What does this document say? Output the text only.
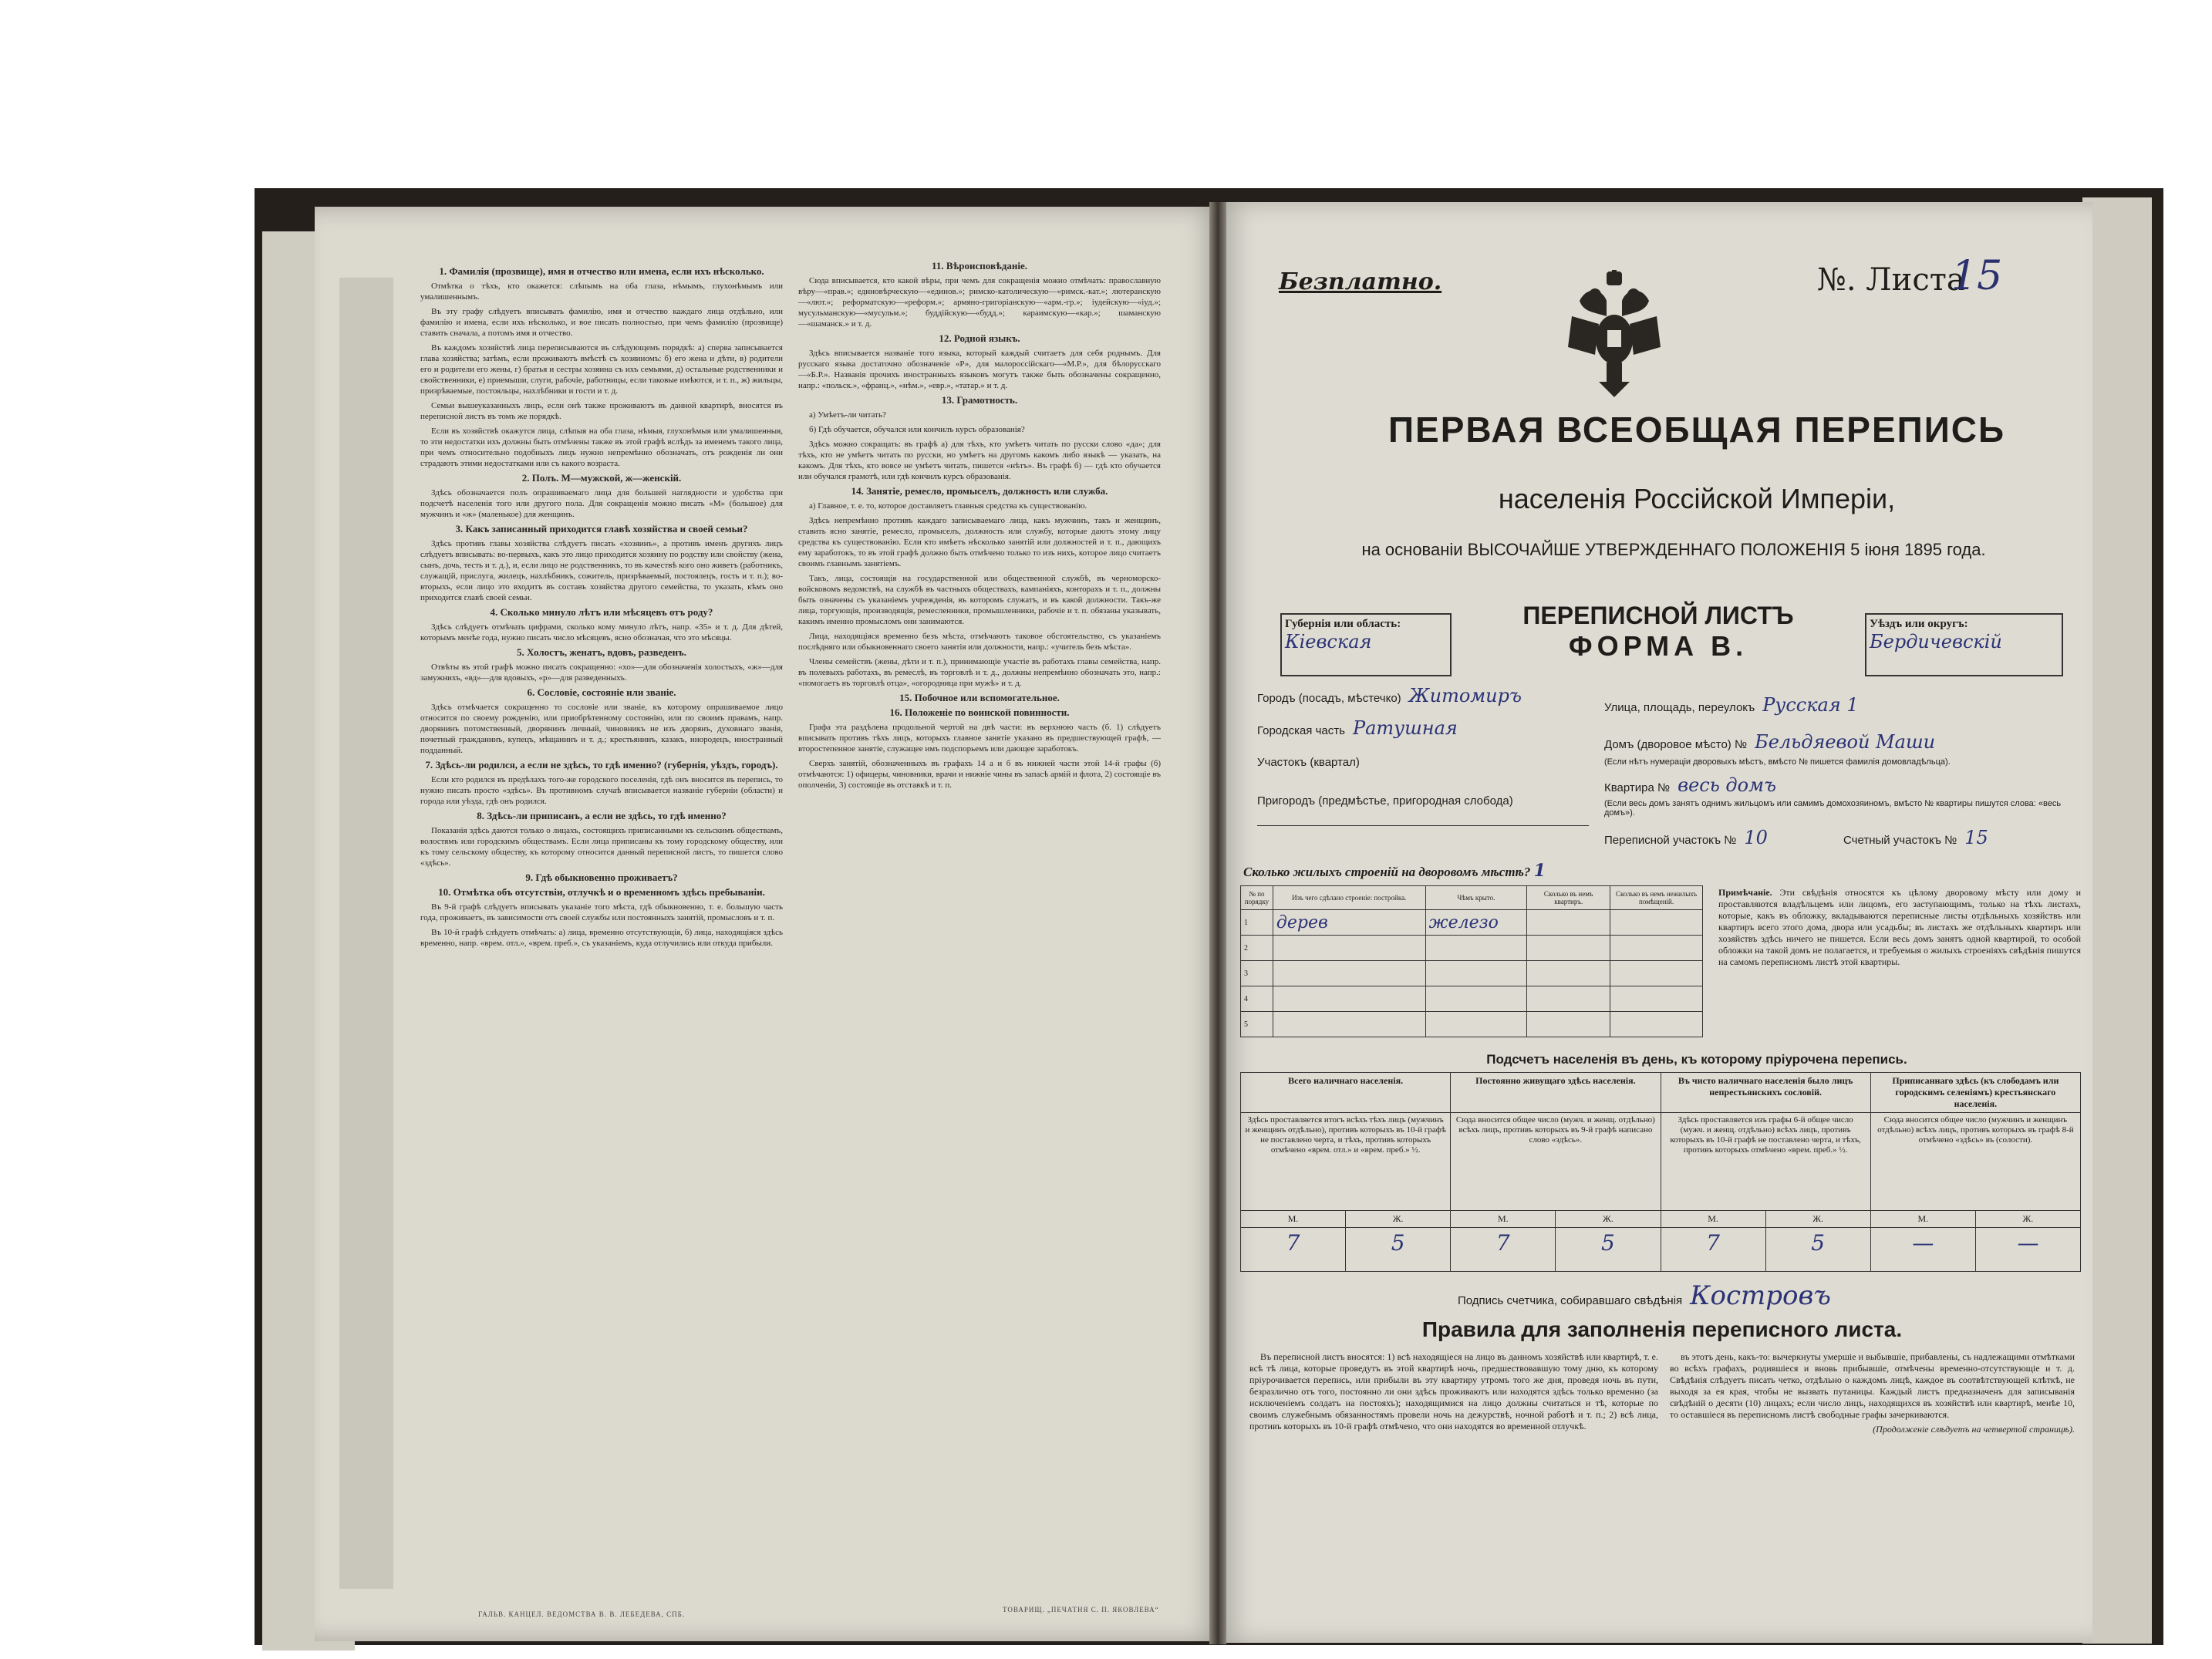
1. Фамилія (прозвище), имя и отчество или имена, если ихъ нѣсколько.

Отмѣтка о тѣхъ, кто окажется: слѣпымъ на оба глаза, нѣмымъ, глухонѣмымъ или умалишеннымъ.

Въ эту графу слѣдуетъ вписывать фамилію, имя и отчество каждаго лица отдѣльно, или фамилію и имена, если ихъ нѣсколько, и вое писать полностью, при чемъ фамилію (прозвище) ставить сначала, а потомъ имя и отчество.

Въ каждомъ хозяйствѣ лица переписываются въ слѣдующемъ порядкѣ: а) сперва записывается глава хозяйства; затѣмъ, если проживаютъ вмѣстѣ съ хозяиномъ: б) его жена и дѣти, в) родители его и родители его жены, г) братья и сестры хозяина съ ихъ семьями, д) остальные родственники и свойственники, е) приемыши, слуги, рабочіе, работницы, если таковые имѣются, и т. п., ж) жильцы, призрѣваемые, постояльцы, нахлѣбники и гости и т. д.

Семьи вышеуказанныхъ лицъ, если онѣ также проживаютъ въ данной квартирѣ, вносятся въ переписной листъ въ томъ же порядкѣ.

Если въ хозяйствѣ окажутся лица, слѣпыя на оба глаза, нѣмыя, глухонѣмыя или умалишенныя, то эти недостатки ихъ должны быть отмѣчены также въ этой графѣ вслѣдъ за именемъ такого лица, при чемъ относительно подобныхъ лицъ нужно непремѣнно обозначать, отъ рожденія ли они страдаютъ этими недостатками или съ какого возраста.

2. Полъ. М—мужской, ж—женскій.

Здѣсь обозначается полъ опрашиваемаго лица для большей наглядности и удобства при подсчетѣ населенія того или другого пола. Для сокращенія можно писать «М» (большое) для мужчинъ и «ж» (маленькое) для женщинъ.

3. Какъ записанный приходится главѣ хозяйства и своей семьи?

Здѣсь противъ главы хозяйства слѣдуетъ писать «хозяинъ», а противъ именъ другихъ лицъ слѣдуетъ вписывать: во-первыхъ, какъ это лицо приходится хозяину по родству или свойству (жена, сынъ, дочь, тесть и т. д.), и, если лицо не родственникъ, то въ качествѣ кого оно живетъ (работникъ, служащій, прислуга, жилецъ, нахлѣбникъ, сожитель, призрѣваемый, постоялецъ, гость и т. п.); во-вторыхъ, если лицо это входитъ въ составъ хозяйства другого семейства, то указать, кѣмъ оно приходится главѣ своей семьи.

4. Сколько минуло лѣтъ или мѣсяцевъ отъ роду?

Здѣсь слѣдуетъ отмѣчать цифрами, сколько кому минуло лѣтъ, напр. «35» и т. д. Для дѣтей, которымъ менѣе года, нужно писать число мѣсяцевъ, ясно обозначая, что это мѣсяцы.

5. Холостъ, женатъ, вдовъ, разведенъ.

Отвѣты въ этой графѣ можно писать сокращенно: «хо»—для обозначенія холостыхъ, «ж»—для замужнихъ, «вд»—для вдовыхъ, «р»—для разведенныхъ.

6. Сословіе, состояніе или званіе.

Здѣсь отмѣчается сокращенно то сословіе или званіе, къ которому опрашиваемое лицо относится по своему рожденію, или приобрѣтенному состоянію, или по своимъ правамъ, напр. дворянинъ потомственный, дворянинъ личный, чиновникъ не изъ дворянъ, духовнаго званія, почетный гражданинъ, купецъ, мѣщанинъ и т. д.; крестьянинъ, казакъ, инородецъ, иностранный подданный.

7. Здѣсь-ли родился, а если не здѣсь, то гдѣ именно? (губернія, уѣздъ, городъ).

Если кто родился въ предѣлахъ того-же городского поселенія, гдѣ онъ вносится въ перепись, то нужно писать просто «здѣсь». Въ противномъ случаѣ вписывается названіе губерніи (области) и города или уѣзда, гдѣ онъ родился.

8. Здѣсь-ли приписанъ, а если не здѣсь, то гдѣ именно?

Показанія здѣсь даются только о лицахъ, состоящихъ приписанными къ сельскимъ обществамъ, волостямъ или городскимъ обществамъ. Если лица приписаны къ тому городскому обществу, или къ тому сельскому обществу, къ которому относится данный переписной листъ, то пишется слово «здѣсь».

9. Гдѣ обыкновенно проживаетъ?

10. Отмѣтка объ отсутствіи, отлучкѣ и о временномъ здѣсь пребываніи.

Въ 9-й графѣ слѣдуетъ вписывать указаніе того мѣста, гдѣ обыкновенно, т. е. большую часть года, проживаетъ, въ зависимости отъ своей службы или постоянныхъ занятій, промысловъ и т. п.

Въ 10-й графѣ слѣдуетъ отмѣчать: а) лица, временно отсутствующія, б) лица, находящіяся здѣсь временно, напр. «врем. отл.», «врем. преб.», съ указаніемъ, куда отлучились или откуда прибыли.

ГАЛЬВ. КАНЦЕЛ. ВЕДОМСТВА В. В. ЛЕБЕДЕВА, СПБ.

11. Вѣроисповѣданіе.

Сюда вписывается, кто какой вѣры, при чемъ для сокращенія можно отмѣчать: православную вѣру—«прав.»; единовѣрческую—«единов.»; римско-католическую—«римск.-кат.»; лютеранскую—«лют.»; реформатскую—«реформ.»; армяно-григоріанскую—«арм.-гр.»; іудейскую—«іуд.»; мусульманскую—«мусульм.»; буддійскую—«будд.»; караимскую—«кар.»; шаманскую—«шаманск.» и т. д.

12. Родной языкъ.

Здѣсь вписывается названіе того языка, который каждый считаетъ для себя роднымъ. Для русскаго языка достаточно обозначеніе «Р», для малороссійскаго—«М.Р.», для бѣлорусскаго—«Б.Р.». Названія прочихъ иностранныхъ языковъ могутъ также быть обозначены сокращенно, напр.: «польск.», «франц.», «нѣм.», «евр.», «татар.» и т. д.

13. Грамотность.

а) Умѣетъ-ли читать?

б) Гдѣ обучается, обучался или кончилъ курсъ образованія?

Здѣсь можно сокращать: въ графѣ а) для тѣхъ, кто умѣетъ читать по русски слово «да»; для тѣхъ, кто не умѣетъ читать по русски, но умѣетъ на другомъ какомъ либо языкѣ — указать, на какомъ. Для тѣхъ, кто вовсе не умѣетъ читать, пишется «нѣтъ». Въ графѣ б) — гдѣ кто обучается или обучался грамотѣ, или гдѣ кончилъ курсъ образованія.

14. Занятіе, ремесло, промыселъ, должность или служба.

а) Главное, т. е. то, которое доставляетъ главныя средства къ существованію.

Здѣсь непремѣнно противъ каждаго записываемаго лица, какъ мужчинъ, такъ и женщинъ, ставить ясно занятіе, ремесло, промыселъ, должность или службу, которые даютъ этому лицу средства къ существованію. Если кто имѣетъ нѣсколько занятій или должностей и т. п., дающихъ ему заработокъ, то въ этой графѣ должно быть отмѣчено только то изъ нихъ, которое лицо считаетъ своимъ главнымъ занятіемъ.

Такъ, лица, состоящія на государственной или общественной службѣ, въ черноморско-войсковомъ ведомствѣ, на службѣ въ частныхъ обществахъ, кампаніяхъ, конторахъ и т. п., должны быть означены съ указаніемъ учрежденія, въ которомъ служатъ, и въ какой должности. Такъ-же лица, торгующія, производящія, ремесленники, промышленники, рабочіе и т. п. обязаны указывать, какимъ именно промысломъ они занимаются.

Лица, находящіяся временно безъ мѣста, отмѣчаютъ таковое обстоятельство, съ указаніемъ послѣдняго или обыкновеннаго своего занятія или должности, напр.: «учитель безъ мѣста».

Члены семействъ (жены, дѣти и т. п.), принимающіе участіе въ работахъ главы семейства, напр. въ полевыхъ работахъ, въ ремеслѣ, въ торговлѣ и т. д., должны непремѣнно обозначать это, напр.: «помогаетъ въ торговлѣ отца», «огородница при мужѣ» и т. д.

15. Побочное или вспомогательное.

16. Положеніе по воинской повинности.

Графа эта раздѣлена продольной чертой на двѣ части: въ верхнюю часть (б. 1) слѣдуетъ вписывать противъ тѣхъ лицъ, которыхъ главное занятіе указано въ предшествующей графѣ, — второстепенное занятіе, служащее имъ подспорьемъ или дающее заработокъ.

Сверхъ занятій, обозначенныхъ въ графахъ 14 а и б въ нижней части этой 14-й графы (б) отмѣчаются: 1) офицеры, чиновники, врачи и нижніе чины въ запасѣ армій и флота, 2) состоящіе въ ополченіи, 3) состоящіе въ отставкѣ и т. п.

ТОВАРИЩ. „ПЕЧАТНЯ С. П. ЯКОВЛЕВА“
Безплатно.	№. Листа
15
ПЕРВАЯ ВСЕОБЩАЯ ПЕРЕПИСЬ
населенія Россійской Имперіи,
на основаніи ВЫСОЧАЙШЕ УТВЕРЖДЕННАГО ПОЛОЖЕНІЯ 5 іюня 1895 года.
Губернія или область:
Кіевская
ПЕРЕПИСНОЙ ЛИСТЪ
ФОРМА В.
Уѣздъ или округъ:
Бердичевскій
Городъ (посадъ, мѣстечко) Житомиръ
Городская часть Ратушная
Участокъ (квартал)
Пригородъ (предмѣстье, пригородная слобода)
Улица, площадь, переулокъ Русская 1
Домъ (дворовое мѣсто) № Бельдяевой Маши
(Если нѣтъ нумераціи дворовыхъ мѣстъ, вмѣсто № пишется фамилія домовладѣльца).
Квартира № весь домъ
(Если весь домъ занятъ однимъ жильцомъ или самимъ домохозяиномъ, вмѣсто № квартиры пишутся слова: «весь домъ»).
Переписной участокъ № 10	Счетный участокъ № 15
Сколько жилыхъ строеній на дворовомъ мѣстѣ? 1
№ по порядку	Изъ чего сдѣлано строеніе: постройка.	Чѣмъ крыто.	Сколько въ немъ квартиръ.	Сколько въ немъ нежилыхъ помѣщеній.
1	дерев	железо		
2				
3				
4				
5				
Примѣчаніе. Эти свѣдѣнія относятся къ цѣлому дворовому мѣсту или дому и проставляются владѣльцемъ или лицомъ, его заступающимъ, только на тѣхъ листахъ, которые, какъ въ обложку, вкладываются переписные листы отдѣльныхъ хозяйствъ или квартиръ всего этого дома, двора или усадьбы; въ листахъ же отдѣльныхъ квартиръ или хозяйствъ здѣсь ничего не пишется. Если весь домъ занятъ одной квартирой, то особой обложки на такой домъ не полагается, и требуемыя о жилыхъ строеніяхъ свѣдѣнія пишутся на самомъ переписномъ листѣ этой квартиры.
Подсчетъ населенія въ день, къ которому пріурочена перепись.
Всего наличнаго населенія.		Постоянно живущаго здѣсь населенія.		Въ чисто наличнаго населенія было лицъ непрестьянскихъ сословій.		Приписаннаго здѣсь (къ слободамъ или городскимъ селеніямъ) крестьянскаго населенія.	
Здѣсь проставляется итогъ всѣхъ тѣхъ лицъ (мужчинъ и женщинъ отдѣльно), противъ которыхъ въ 10-й графѣ не поставлено черта, и тѣхъ, противъ которыхъ отмѣчено «врем. отл.» и «врем. преб.» ½.		Сюда вносится общее число (мужч. и женщ. отдѣльно) всѣхъ лицъ, противъ которыхъ въ 9-й графѣ написано слово «здѣсь».		Здѣсь проставляется изъ графы 6-й общее число (мужч. и женщ. отдѣльно) всѣхъ лицъ, противъ которыхъ въ 10-й графѣ не поставлено черта, и тѣхъ, противъ которыхъ отмѣчено «врем. преб.» ½.		Сюда вносится общее число (мужчинъ и женщинъ отдѣльно) всѣхъ лицъ, противъ которыхъ въ графѣ 8-й отмѣчено «здѣсь» въ (солости).	
М.	Ж.	М.	Ж.	М.	Ж.	М.	Ж.
7	5	7	5	7	5	—	—
Подпись счетчика, собиравшаго свѣдѣнія Костровъ
Правила для заполненія переписного листа.

Въ переписной листъ вносятся: 1) всѣ находящіеся на лицо въ данномъ хозяйствѣ или квартирѣ, т. е. всѣ тѣ лица, которые проведутъ въ этой квартирѣ ночь, предшествовавшую тому дню, къ которому пріурочивается перепись, или прибыли въ эту квартиру утромъ того же дня, проведя ночь въ пути, безразлично отъ того, постоянно ли они здѣсь проживаютъ или находятся здѣсь только временно (за исключеніемъ солдатъ на постояхъ); находящимися на лицо должны считаться и тѣ, которые по своимъ служебнымъ обязанностямъ провели ночь на дежурствѣ, ночной работѣ и т. п.; 2) всѣ лица, противъ которыхъ въ 10-й графѣ отмѣчено, что они находятся во временной отлучкѣ.

въ этотъ день, какъ-то: вычеркнуты умершіе и выбывшіе, прибавлены, съ надлежащими отмѣтками во всѣхъ графахъ, родившіеся и вновь прибывшіе, отмѣчены временно-отсутствующіе и т. д. Свѣдѣнія слѣдуетъ писать четко, отдѣльно о каждомъ лицѣ, каждое въ соотвѣтствующей клѣткѣ, не выходя за ея края, чтобы не вызвать путаницы. Каждый листъ предназначенъ для записыванія свѣдѣній о десяти (10) лицахъ; если число лицъ, находящихся въ хозяйствѣ или квартирѣ, менѣе 10, то оставшіеся въ переписномъ листѣ свободные графы зачеркиваются.

(Продолженіе слѣдуетъ на четвертой страницѣ).
